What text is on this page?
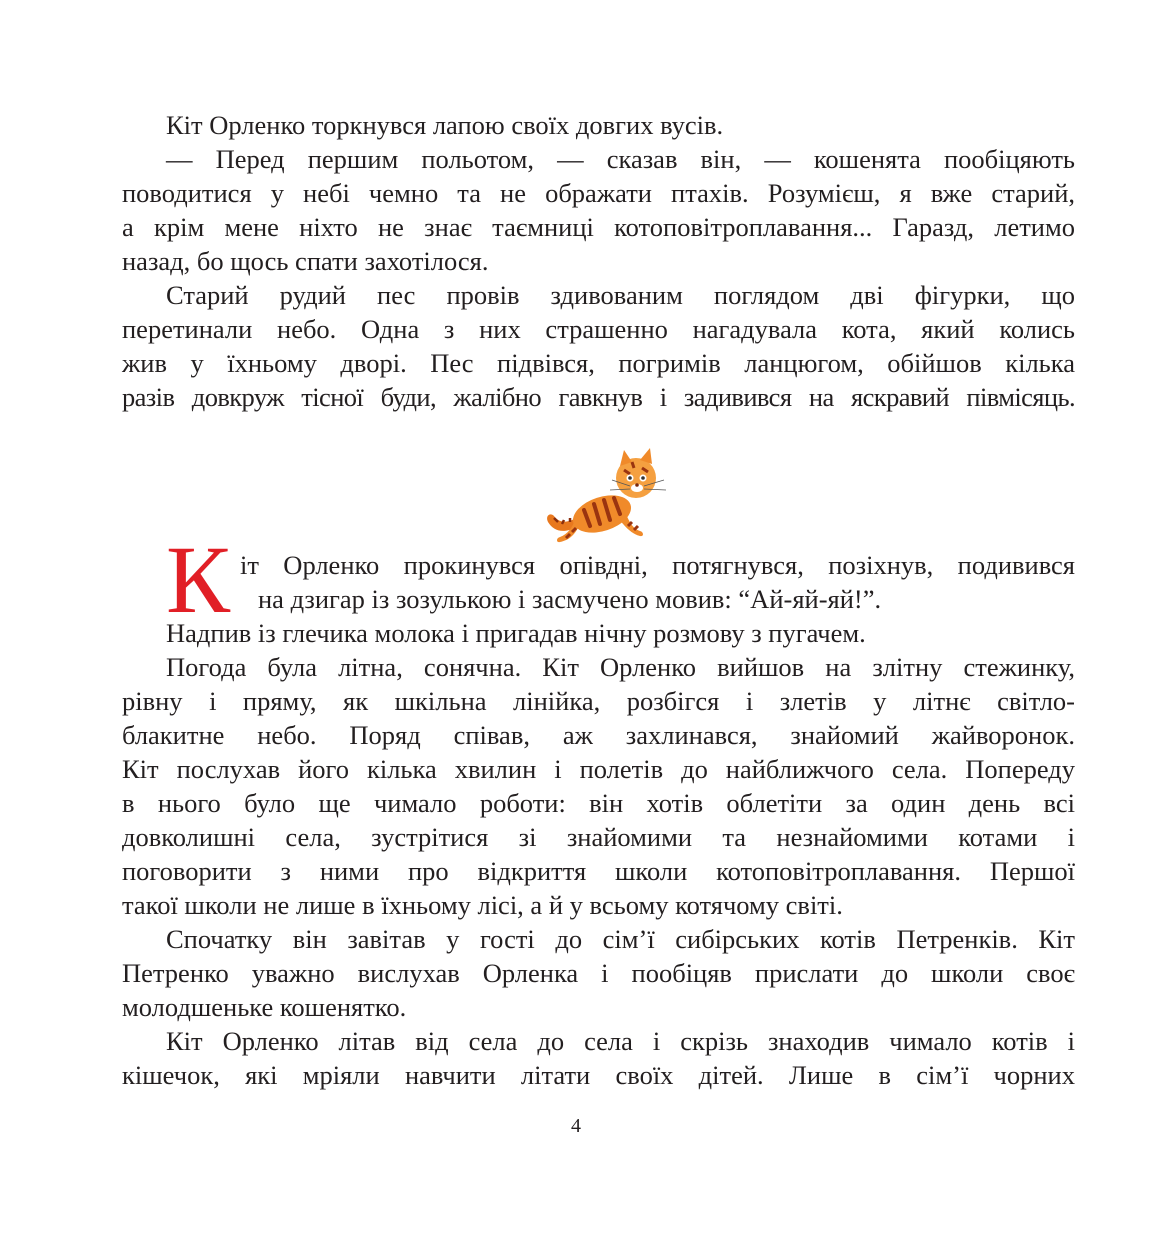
Кіт Орленко торкнувся лапою своїх довгих вусів.
— Перед першим польотом, — сказав він, — кошенята пообіцяють
поводитися у небі чемно та не ображати птахів. Розумієш, я вже старий,
а крім мене ніхто не знає таємниці котоповітроплавання... Гаразд, летимо
назад, бо щось спати захотілося.
Старий рудий пес провів здивованим поглядом дві фігурки, що
перетинали небо. Одна з них страшенно нагадувала кота, який колись
жив у їхньому дворі. Пес підвівся, погримів ланцюгом, обійшов кілька
разів довкруж тісної буди, жалібно гавкнув і задивився на яскравий півмісяць.
К іт Орленко прокинувся опівдні, потягнувся, позіхнув, подивився
на дзигар із зозулькою і засмучено мовив: “Ай-яй-яй!”.
Надпив із глечика молока і пригадав нічну розмову з пугачем.
Погода була літна, сонячна. Кіт Орленко вийшов на злітну стежинку,
рівну і пряму, як шкільна лінійка, розбігся і злетів у літнє світло-
блакитне небо. Поряд співав, аж захлинався, знайомий жайворонок.
Кіт послухав його кілька хвилин і полетів до найближчого села. Попереду
в нього було ще чимало роботи: він хотів облетіти за один день всі
довколишні села, зустрітися зі знайомими та незнайомими котами і
поговорити з ними про відкриття школи котоповітроплавання. Першої
такої школи не лише в їхньому лісі, а й у всьому котячому світі.
Спочатку він завітав у гості до сім’ї сибірських котів Петренків. Кіт
Петренко уважно вислухав Орленка і пообіцяв прислати до школи своє
молодшеньке кошенятко.
Кіт Орленко літав від села до села і скрізь знаходив чимало котів і
кішечок, які мріяли навчити літати своїх дітей. Лише в сім’ї чорних
4
